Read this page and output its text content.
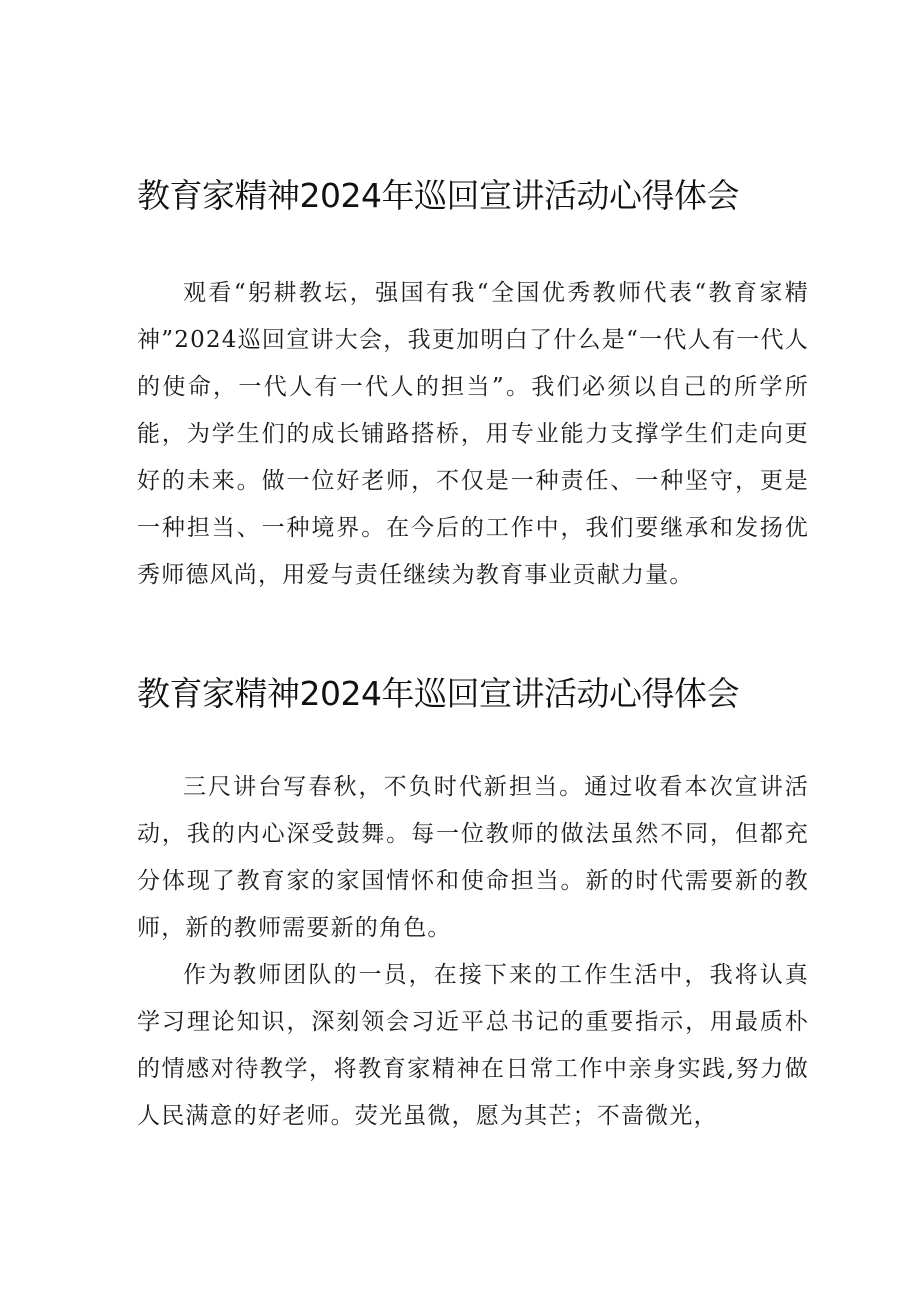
教育家精神2024年巡回宣讲活动心得体会

观看“躬耕教坛，强国有我“全国优秀教师代表“教育家精神”2024巡回宣讲大会，我更加明白了什么是“一代人有一代人的使命，一代人有一代人的担当”。我们必须以自己的所学所能，为学生们的成长铺路搭桥，用专业能力支撑学生们走向更好的未来。做一位好老师，不仅是一种责任、一种坚守，更是一种担当、一种境界。在今后的工作中，我们要继承和发扬优秀师德风尚，用爱与责任继续为教育事业贡献力量。

教育家精神2024年巡回宣讲活动心得体会

三尺讲台写春秋，不负时代新担当。通过收看本次宣讲活动，我的内心深受鼓舞。每一位教师的做法虽然不同，但都充分体现了教育家的家国情怀和使命担当。新的时代需要新的教师，新的教师需要新的角色。

作为教师团队的一员，在接下来的工作生活中，我将认真学习理论知识，深刻领会习近平总书记的重要指示，用最质朴的情感对待教学，将教育家精神在日常工作中亲身实践,努力做人民满意的好老师。荧光虽微，愿为其芒；不啬微光，
